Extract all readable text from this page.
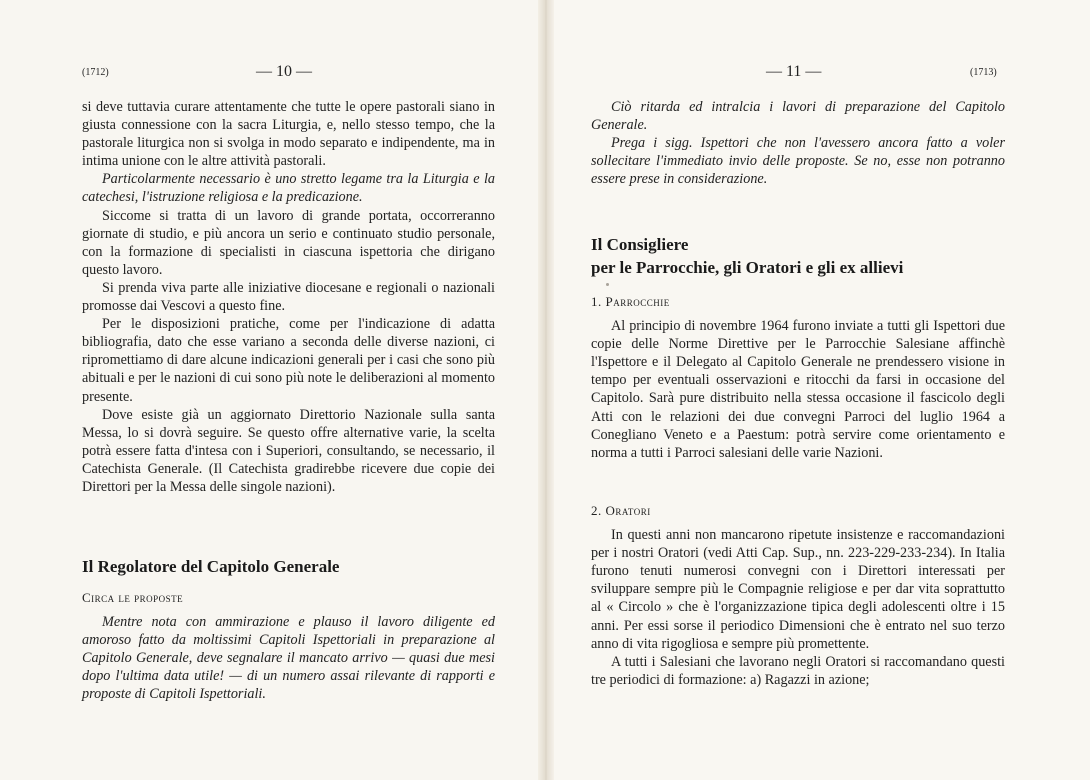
(1712)	— 10 —

si deve tuttavia curare attentamente che tutte le opere pastorali siano in giusta connessione con la sacra Liturgia, e, nello stesso tempo, che la pastorale liturgica non si svolga in modo separato e indipendente, ma in intima unione con le altre attività pastorali.

Particolarmente necessario è uno stretto legame tra la Liturgia e la catechesi, l'istruzione religiosa e la predicazione.

Siccome si tratta di un lavoro di grande portata, occorreranno giornate di studio, e più ancora un serio e continuato studio personale, con la formazione di specialisti in ciascuna ispettoria che dirigano questo lavoro.

Si prenda viva parte alle iniziative diocesane e regionali o nazionali promosse dai Vescovi a questo fine.

Per le disposizioni pratiche, come per l'indicazione di adatta bibliografia, dato che esse variano a seconda delle diverse nazioni, ci ripromettiamo di dare alcune indicazioni generali per i casi che sono più abituali e per le nazioni di cui sono più note le deliberazioni al momento presente.

Dove esiste già un aggiornato Direttorio Nazionale sulla santa Messa, lo si dovrà seguire. Se questo offre alternative varie, la scelta potrà essere fatta d'intesa con i Superiori, consultando, se necessario, il Catechista Generale. (Il Catechista gradirebbe ricevere due copie dei Direttori per la Messa delle singole nazioni).

Il Regolatore del Capitolo Generale
Circa le proposte

Mentre nota con ammirazione e plauso il lavoro diligente ed amoroso fatto da moltissimi Capitoli Ispettoriali in preparazione al Capitolo Generale, deve segnalare il mancato arrivo — quasi due mesi dopo l'ultima data utile! — di un numero assai rilevante di rapporti e proposte di Capitoli Ispettoriali.

— 11 —	(1713)

Ciò ritarda ed intralcia i lavori di preparazione del Capitolo Generale.

Prega i sigg. Ispettori che non l'avessero ancora fatto a voler sollecitare l'immediato invio delle proposte. Se no, esse non potranno essere prese in considerazione.

Il Consigliere
per le Parrocchie, gli Oratori e gli ex allievi
1. Parrocchie

Al principio di novembre 1964 furono inviate a tutti gli Ispettori due copie delle Norme Direttive per le Parrocchie Salesiane affinchè l'Ispettore e il Delegato al Capitolo Generale ne prendessero visione in tempo per eventuali osservazioni e ritocchi da farsi in occasione del Capitolo. Sarà pure distribuito nella stessa occasione il fascicolo degli Atti con le relazioni dei due convegni Parroci del luglio 1964 a Conegliano Veneto e a Paestum: potrà servire come orientamento e norma a tutti i Parroci salesiani delle varie Nazioni.

2. Oratori

In questi anni non mancarono ripetute insistenze e raccomandazioni per i nostri Oratori (vedi Atti Cap. Sup., nn. 223-229-233-234). In Italia furono tenuti numerosi convegni con i Direttori interessati per sviluppare sempre più le Compagnie religiose e per dar vita soprattutto al « Circolo » che è l'organizzazione tipica degli adolescenti oltre i 15 anni. Per essi sorse il periodico Dimensioni che è entrato nel suo terzo anno di vita rigogliosa e sempre più promettente.

A tutti i Salesiani che lavorano negli Oratori si raccomandano questi tre periodici di formazione: a) Ragazzi in azione;
